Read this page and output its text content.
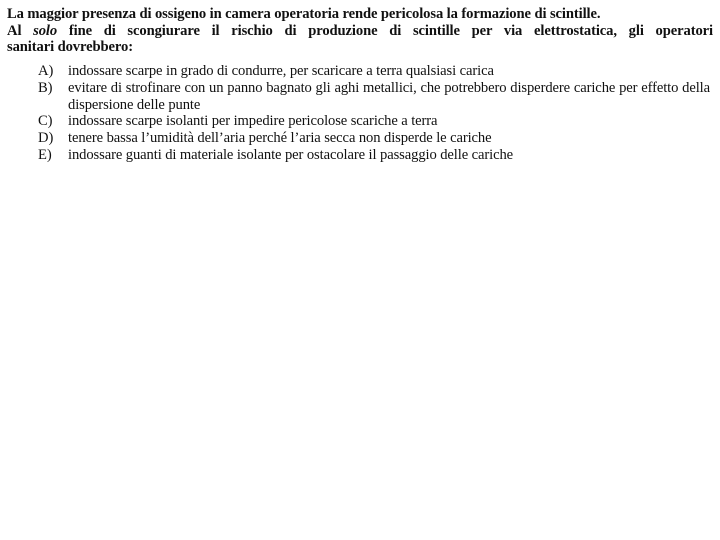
La maggior presenza di ossigeno in camera operatoria rende pericolosa la formazione di scintille.
Al solo fine di scongiurare il rischio di produzione di scintille per via elettrostatica, gli operatori
sanitari dovrebbero:
A)	indossare scarpe in grado di condurre, per scaricare a terra qualsiasi carica
B)	evitare di strofinare con un panno bagnato gli aghi metallici, che potrebbero disperdere cariche per effetto della dispersione delle punte
C)	indossare scarpe isolanti per impedire pericolose scariche a terra
D)	tenere bassa l’umidità dell’aria perché l’aria secca non disperde le cariche
E)	indossare guanti di materiale isolante per ostacolare il passaggio delle cariche
